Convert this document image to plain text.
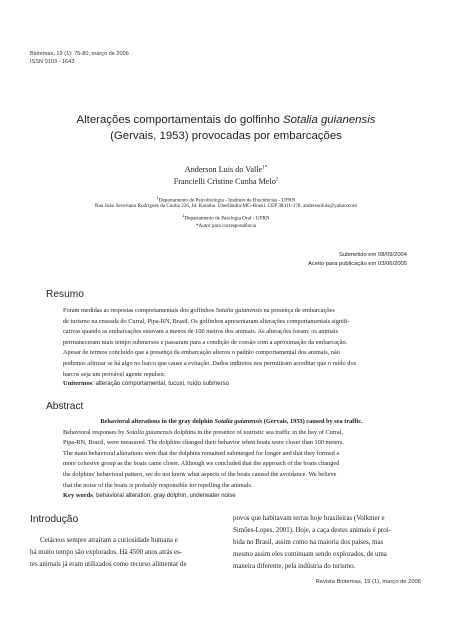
Biotemas, 19 (1): 75-80, março de 2006
ISSN 0103 - 1643
Alterações comportamentais do golfinho Sotalia guianensis
(Gervais, 1953) provocadas por embarcações
Anderson Luis do Valle$^{1*}$
Francielli Cristine Cunha Melo$^2$
$^1$Departamento de Psicobiologia - Instituto de Biociências - UFRN
Rua João Severiano Rodrigues da Cunha 236, Jd. Karaíba. Uberlândia-MG-Brasil. CEP 38411-178. andersonluis@yahoo.com
$^2$Departamento de Patologia Oral - UFRN
*Autor para correspondência
Submetido em 08/09/2004
Aceito para publicação em 03/06/2005
Resumo
Foram medidas as respostas comportamentais dos golfinhos Sotalia guianensis na presença de embarcações
de turismo na enseada do Curral, Pipa-RN, Brasil. Os golfinhos apresentaram alterações comportamentais signifi-
cativas quando as embarcações estavam a menos de 100 metros dos animais. As alterações foram: os animais
permaneceram mais tempo submersos e passaram para a condição de coesão com a aproximação da embarcação.
Apesar de termos concluído que a presença da embarcação alterou o padrão comportamental dos animais, não
podemos afirmar se há algo no barco que cause a evitação. Dados indiretos nos permitiram acreditar que o ruído dos
barcos seja um provável agente repulsor.
Unitermos: alteração comportamental, tucuxi, ruído submerso
Abstract
Behavioral alterations in the gray dolphin Sotalia guianensis (Gervais, 1953) caused by sea traffic.
Behavioral responses by Sotalia guianensis dolphins in the presence of touristic sea traffic in the bay of Curral,
Pipa-RN, Brazil, were measured. The dolphins changed their behavior when boats were closer than 100 meters.
The main behavioral alterations were that the dolphins remained submerged for longer and that they formed a
more cohesive group as the boats came closer. Although we concluded that the approach of the boats changed
the dolphins' behavioral pattern, we do not know what aspects of the boats caused the avoidance. We believe
that the noise of the boats is probably responsible for repelling the animals.
Key words: behavioral alteration, gray dolphin, underwater noise
Introdução
Cetáceos sempre atraíram a curiosidade humana e
há muito tempo são explorados. Há 4500 anos atrás es-
tes animais já eram utilizados como recurso alimentar de
povos que habitavam terras hoje brasileiras (Volkmer e
Simões-Lopes, 2001). Hoje, a caça destes animais é proi-
bida no Brasil, assim como na maioria dos países, mas
mesmo assim eles continuam sendo explorados, de uma
maneira diferente, pela indústria do turismo.
Revista Biotemas, 19 (1), março de 2006
